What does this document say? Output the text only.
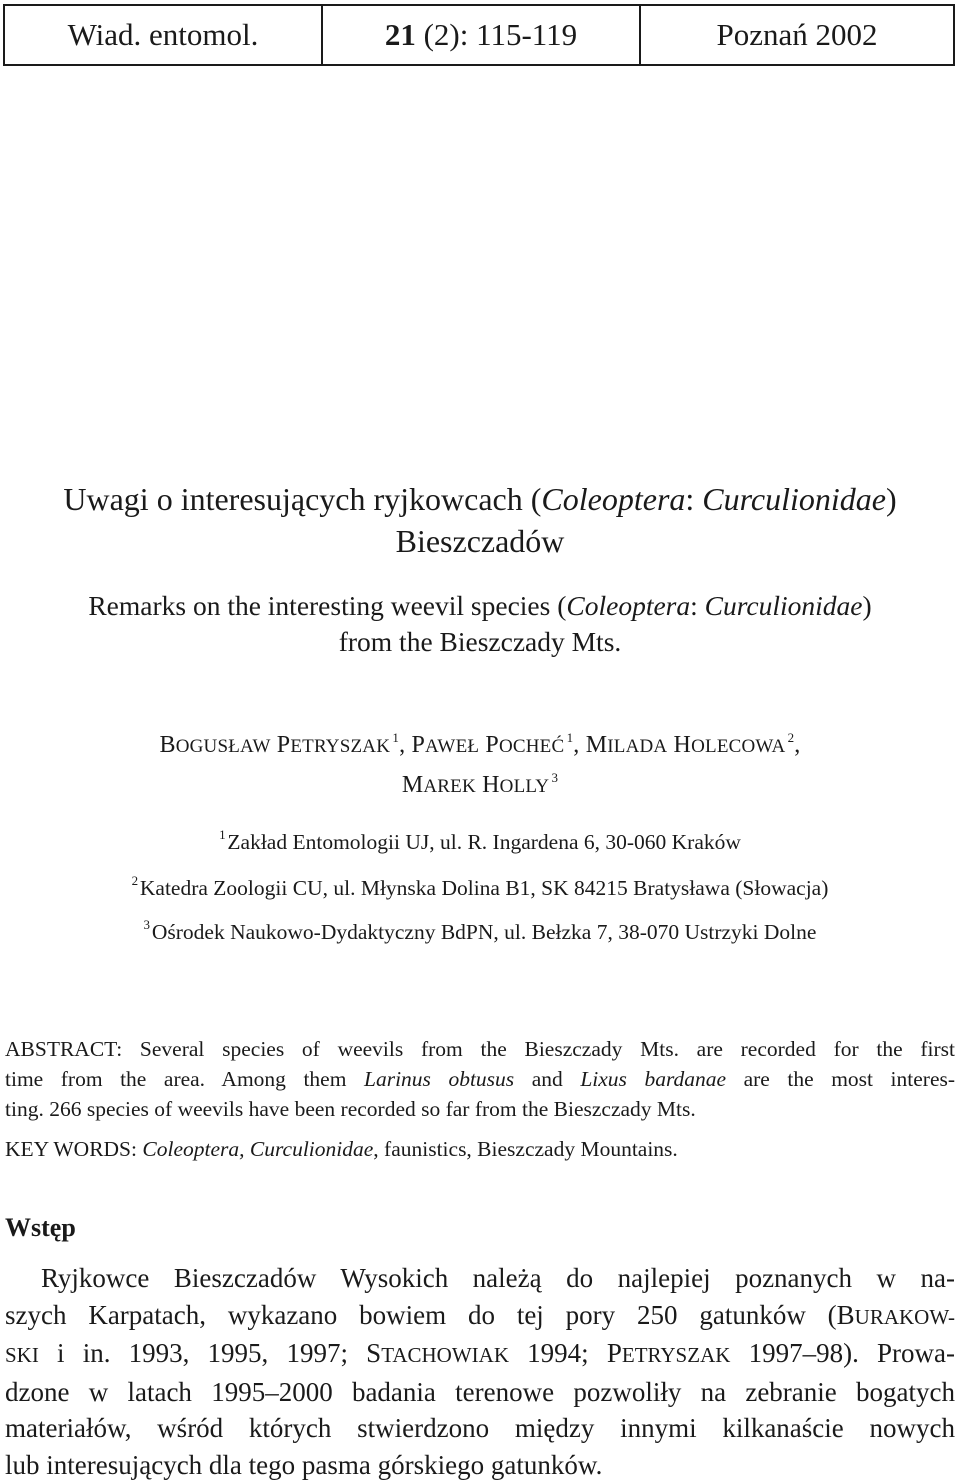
Wiad. entomol.	21
(2): 115-119	Poznań 2002
Uwagi o interesujących ryjkowcach (Coleoptera: Curculionidae)
Bieszczadów
Remarks on the interesting weevil species (Coleoptera: Curculionidae)
from the Bieszczady Mts.
BOGUSŁAW PETRYSZAK  $^1$, PAWEŁ POCHEĆ  $^1$, MILADA HOLECOWA  $^2$,
MAREK HOLLY  $^3$
$^1$ Zakład Entomologii UJ, ul. R. Ingardena 6, 30-060 Kraków
$^2$ Katedra Zoologii CU, ul. Młynska Dolina B1, SK 84215 Bratysława (Słowacja)
$^3$ Ośrodek Naukowo-Dydaktyczny BdPN, ul. Bełzka 7, 38-070 Ustrzyki Dolne
ABSTRACT: Several species of weevils from the Bieszczady Mts. are recorded for the first
time from the area. Among them Larinus obtusus and Lixus bardanae are the most interes-
ting. 266 species of weevils have been recorded so far from the Bieszczady Mts.
KEY WORDS: Coleoptera, Curculionidae, faunistics, Bieszczady Mountains.
Wstęp
Ryjkowce Bieszczadów Wysokich należą do najlepiej poznanych w na-
szych Karpatach, wykazano bowiem do tej pory 250 gatunków (BURAKOW-
SKI i in. 1993, 1995, 1997; STACHOWIAK 1994; PETRYSZAK 1997–98). Prowa-
dzone w latach 1995–2000 badania terenowe pozwoliły na zebranie bogatych
materiałów, wśród których stwierdzono między innymi kilkanaście nowych
lub interesujących dla tego pasma górskiego gatunków.
